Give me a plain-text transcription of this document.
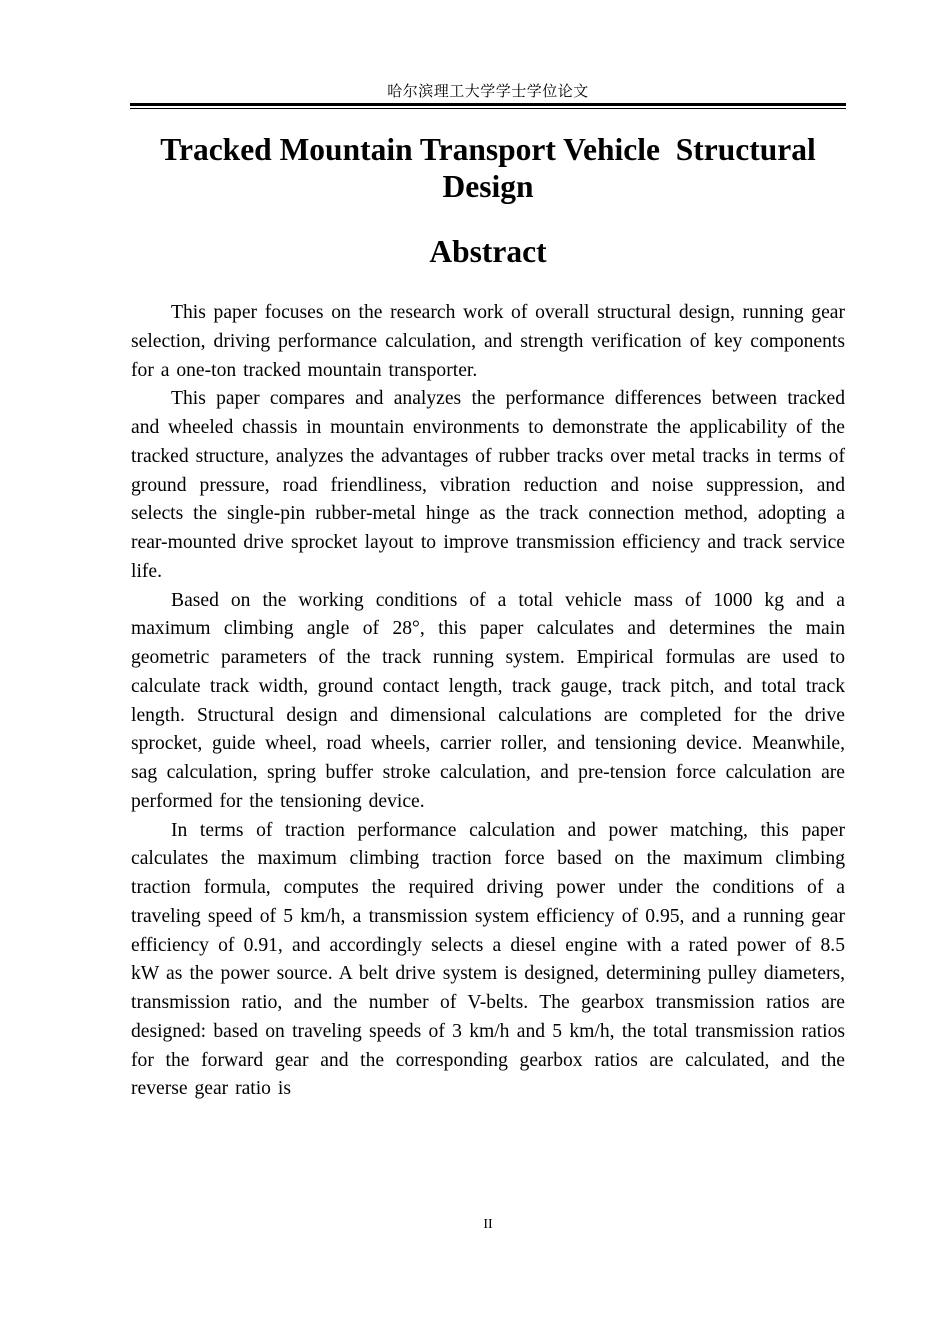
哈尔滨理工大学学士学位论文
Tracked Mountain Transport Vehicle  Structural Design
Abstract

This paper focuses on the research work of overall structural design, running gear selection, driving performance calculation, and strength verification of key components for a one-ton tracked mountain transporter.

This paper compares and analyzes the performance differences between tracked and wheeled chassis in mountain environments to demonstrate the applicability of the tracked structure, analyzes the advantages of rubber tracks over metal tracks in terms of ground pressure, road friendliness, vibration reduction and noise suppression, and selects the single-pin rubber-metal hinge as the track connection method, adopting a rear-mounted drive sprocket layout to improve transmission efficiency and track service life.

Based on the working conditions of a total vehicle mass of 1000 kg and a maximum climbing angle of 28°, this paper calculates and determines the main geometric parameters of the track running system. Empirical formulas are used to calculate track width, ground contact length, track gauge, track pitch, and total track length. Structural design and dimensional calculations are completed for the drive sprocket, guide wheel, road wheels, carrier roller, and tensioning device. Meanwhile, sag calculation, spring buffer stroke calculation, and pre-tension force calculation are performed for the tensioning device.

In terms of traction performance calculation and power matching, this paper calculates the maximum climbing traction force based on the maximum climbing traction formula, computes the required driving power under the conditions of a traveling speed of 5 km/h, a transmission system efficiency of 0.95, and a running gear efficiency of 0.91, and accordingly selects a diesel engine with a rated power of 8.5 kW as the power source. A belt drive system is designed, determining pulley diameters, transmission ratio, and the number of V-belts. The gearbox transmission ratios are designed: based on traveling speeds of 3 km/h and 5 km/h, the total transmission ratios for the forward gear and the corresponding gearbox ratios are calculated, and the reverse gear ratio is

II
